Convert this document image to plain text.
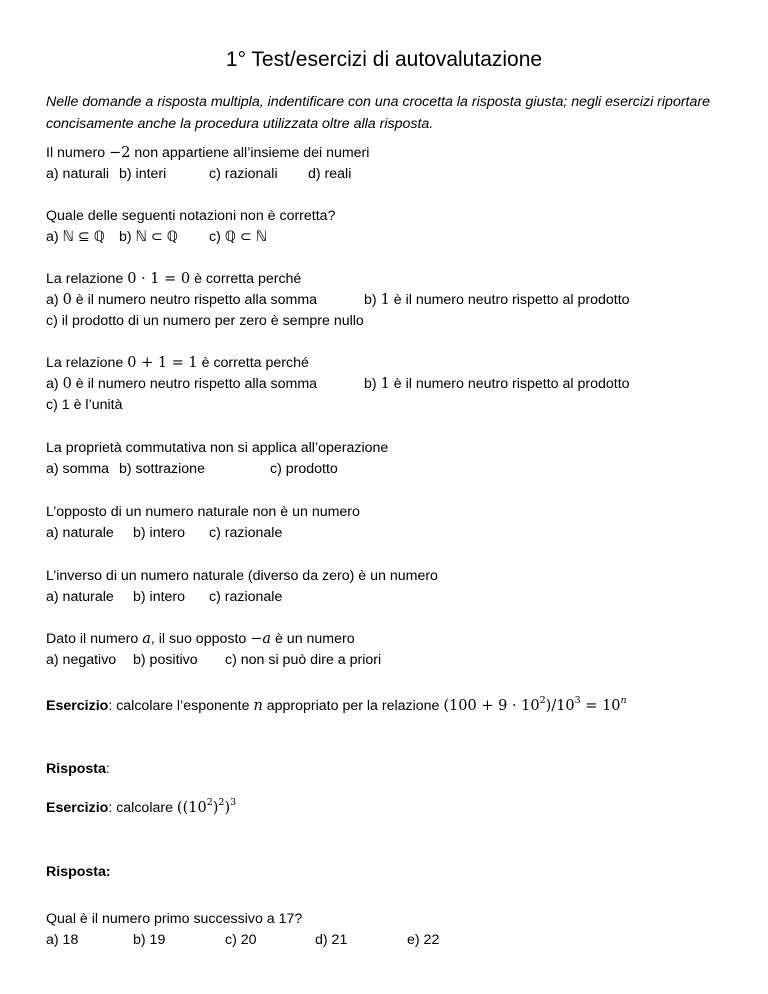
1° Test/esercizi di autovalutazione
Nelle domande a risposta multipla, indentificare con una crocetta la risposta giusta; negli esercizi riportare concisamente anche la procedura utilizzata oltre alla risposta.
Il numero −2 non appartiene all’insieme dei numeri
a) naturali b) interi	c) razionali d) reali
Quale delle seguenti notazioni non è corretta?
a) ℕ ⊆ ℚ b) ℕ ⊂ ℚ c) ℚ ⊂ ℕ
La relazione 0 · 1 = 0 è corretta perché
a) 0 è il numero neutro rispetto alla somma	b) 1 è il numero neutro rispetto al prodotto
c) il prodotto di un numero per zero è sempre nullo
La relazione 0 + 1 = 1 è corretta perché
a) 0 è il numero neutro rispetto alla somma	b) 1 è il numero neutro rispetto al prodotto
c) 1 è l’unità
La proprietà commutativa non si applica all’operazione
a) somma b) sottrazione	c) prodotto
L’opposto di un numero naturale non è un numero
a) naturale b) intero c) razionale
L’inverso di un numero naturale (diverso da zero) è un numero
a) naturale b) intero c) razionale
Dato il numero a, il suo opposto −a è un numero
a) negativo b) positivo c) non si può dire a priori
Esercizio: calcolare l’esponente n appropriato per la relazione $(100 + 9 \cdot 10^2)/10^3 = 10^n$
Risposta:
Esercizio: calcolare $((10^2)^2)^3$
Risposta:
Qual è il numero primo successivo a 17?
a) 18	b) 19	c) 20	d) 21	e) 22
